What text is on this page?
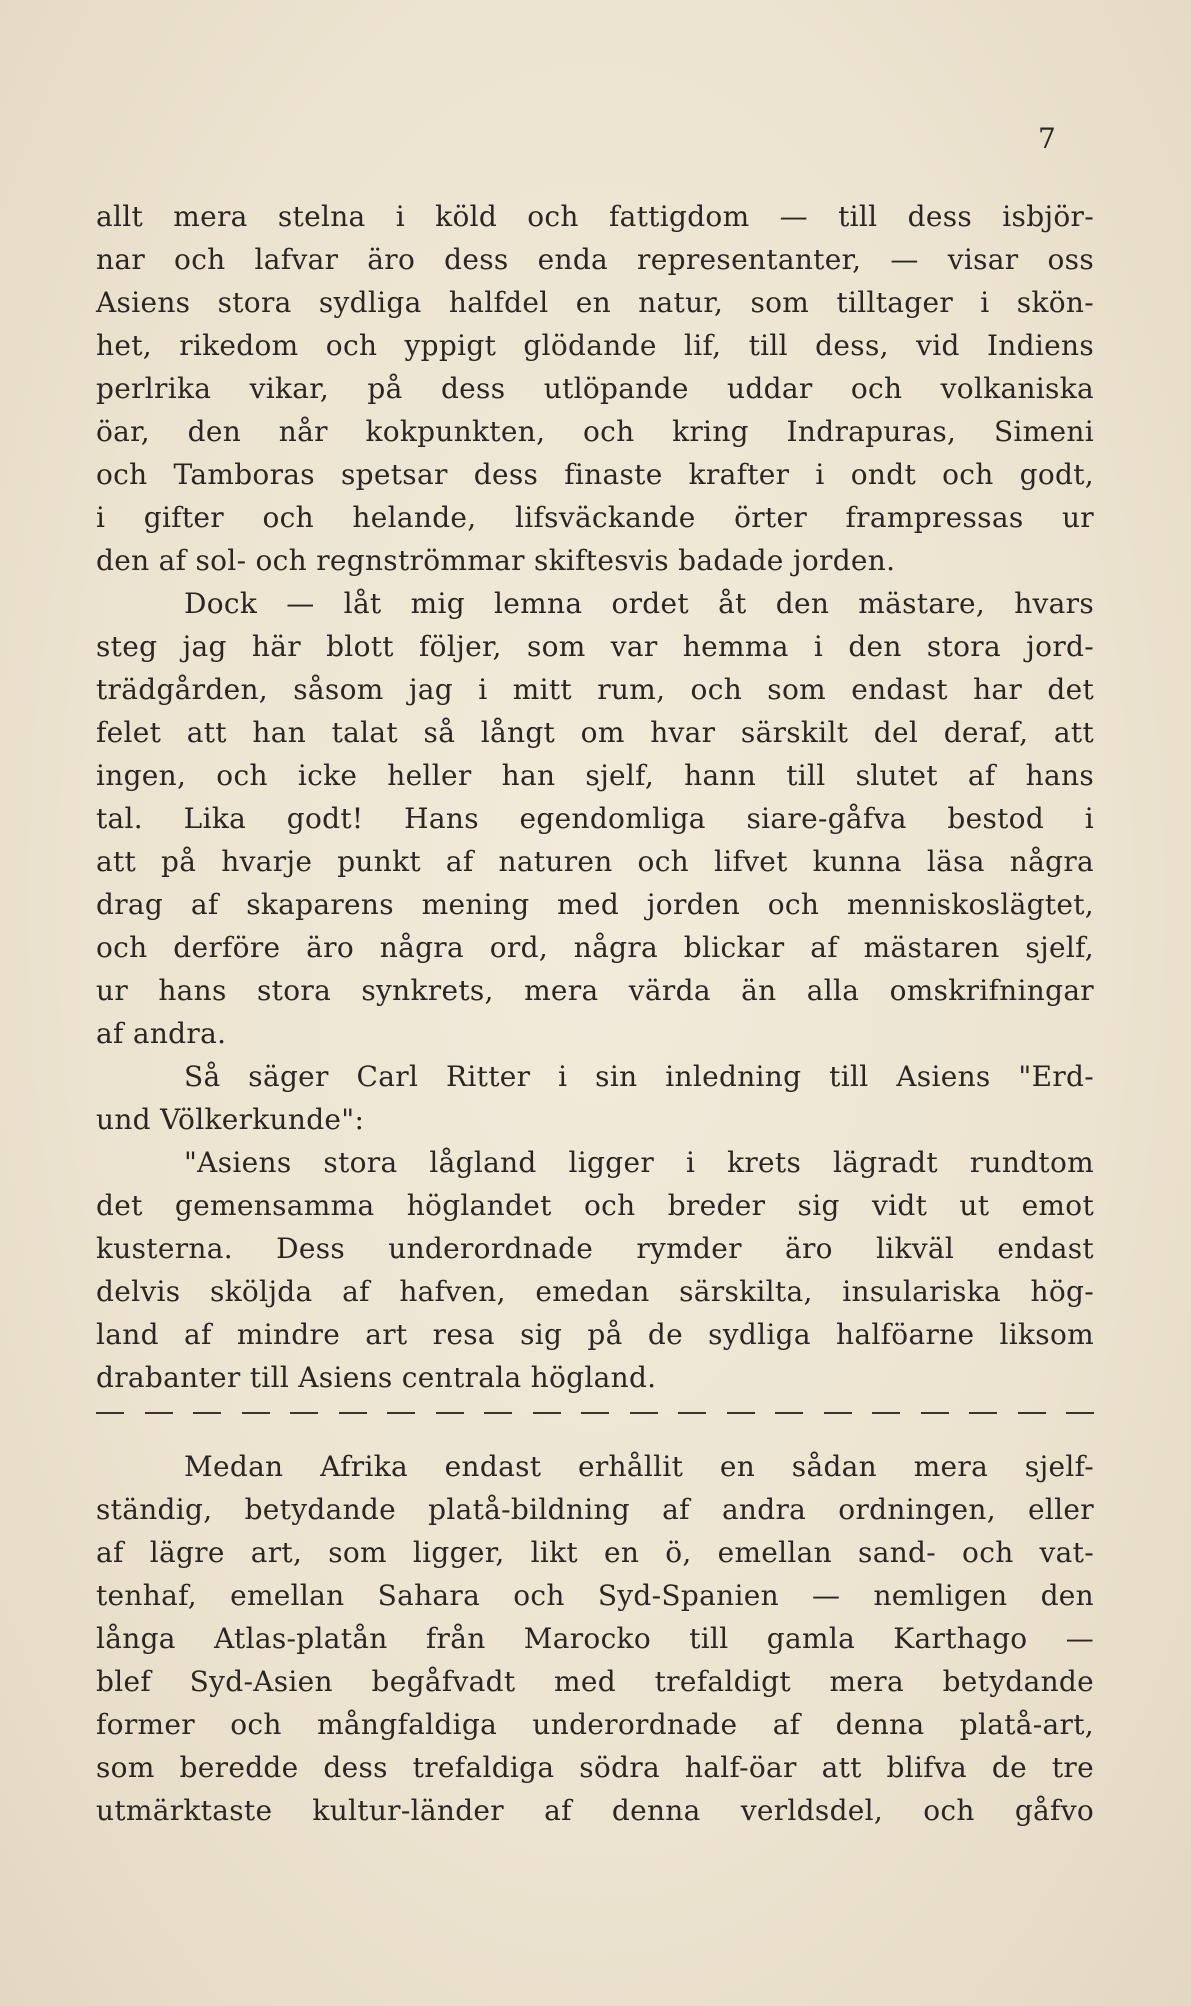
7
allt mera stelna i köld och fattigdom — till dess isbjör-
nar och lafvar äro dess enda representanter, — visar oss
Asiens stora sydliga halfdel en natur, som tilltager i skön-
het, rikedom och yppigt glödande lif, till dess, vid Indiens
perlrika vikar, på dess utlöpande uddar och volkaniska
öar, den når kokpunkten, och kring Indrapuras, Simeni
och Tamboras spetsar dess finaste krafter i ondt och godt,
i gifter och helande, lifsväckande örter frampressas ur
den af sol- och regnströmmar skiftesvis badade jorden.
Dock — låt mig lemna ordet åt den mästare, hvars
steg jag här blott följer, som var hemma i den stora jord-
trädgården, såsom jag i mitt rum, och som endast har det
felet att han talat så långt om hvar särskilt del deraf, att
ingen, och icke heller han sjelf, hann till slutet af hans
tal. Lika godt! Hans egendomliga siare-gåfva bestod i
att på hvarje punkt af naturen och lifvet kunna läsa några
drag af skaparens mening med jorden och menniskoslägtet,
och derföre äro några ord, några blickar af mästaren sjelf,
ur hans stora synkrets, mera värda än alla omskrifningar
af andra.
Så säger Carl Ritter i sin inledning till Asiens "Erd-
und Völkerkunde":
"Asiens stora lågland ligger i krets lägradt rundtom
det gemensamma höglandet och breder sig vidt ut emot
kusterna. Dess underordnade rymder äro likväl endast
delvis sköljda af hafven, emedan särskilta, insulariska hög-
land af mindre art resa sig på de sydliga halföarne liksom
drabanter till Asiens centrala högland.
Medan Afrika endast erhållit en sådan mera sjelf-
ständig, betydande platå-bildning af andra ordningen, eller
af lägre art, som ligger, likt en ö, emellan sand- och vat-
tenhaf, emellan Sahara och Syd-Spanien — nemligen den
långa Atlas-platån från Marocko till gamla Karthago —
blef Syd-Asien begåfvadt med trefaldigt mera betydande
former och mångfaldiga underordnade af denna platå-art,
som beredde dess trefaldiga södra half-öar att blifva de tre
utmärktaste kultur-länder af denna verldsdel, och gåfvo
